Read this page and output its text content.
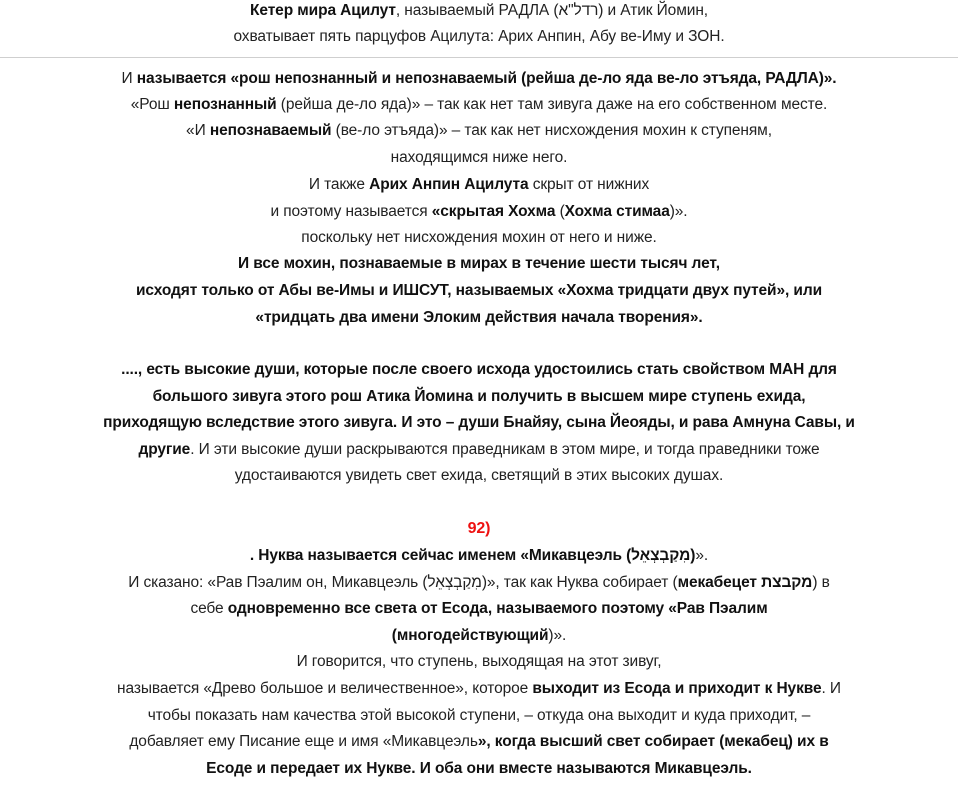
Кетер мира Ацилут, называемый РАДЛА (רדל"א) и Атик Йомин,
охватывает пять парцуфов Ацилута: Арих Анпин, Абу ве-Иму и ЗОН.
И называется «рош непознанный и непознаваемый (рейша де-ло яда ве-ло этъяда, РАДЛА)».
«Рош непознанный (рейша де-ло яда)» – так как нет там зивуга даже на его собственном месте.
«И непознаваемый (ве-ло этъяда)» – так как нет нисхождения мохин к ступеням,
находящимся ниже него.
И также Арих Анпин Ацилута скрыт от нижних
и поэтому называется «скрытая Хохма (Хохма стимаа)».
поскольку нет нисхождения мохин от него и ниже.
И все мохин, познаваемые в мирах в течение шести тысяч лет,
исходят только от Абы ве-Имы и ИШСУТ, называемых «Хохма тридцати двух путей», или
«тридцать два имени Элоким действия начала творения».
...., есть высокие души, которые после своего исхода удостоились стать свойством МАН для
большого зивуга этого рош Атика Йомина и получить в высшем мире ступень ехида,
приходящую вследствие этого зивуга. И это – души Бнайяу, сына Йеояды, и рава Амнуна Савы, и
другие. И эти высокие души раскрываются праведникам в этом мире, и тогда праведники тоже
удостаиваются увидеть свет ехида, светящий в этих высоких душах.
92)
. Нуква называется сейчас именем «Микавцеэль (מִקַבְצְאֵל)».
И сказано: «Рав Пэалим он, Микавцеэль (מִקַבְצְאֵל)», так как Нуква собирает (мекабецет מקבצת) в
себе одновременно все света от Есода, называемого поэтому «Рав Пэалим
(многодействующий)».
И говорится, что ступень, выходящая на этот зивуг,
называется «Древо большое и величественное», которое выходит из Есода и приходит к Нукве. И
чтобы показать нам качества этой высокой ступени, – откуда она выходит и куда приходит, –
добавляет ему Писание еще и имя «Микавцеэль», когда высший свет собирает (мекабец) их в
Есоде и передает их Нукве. И оба они вместе называются Микавцеэль.
